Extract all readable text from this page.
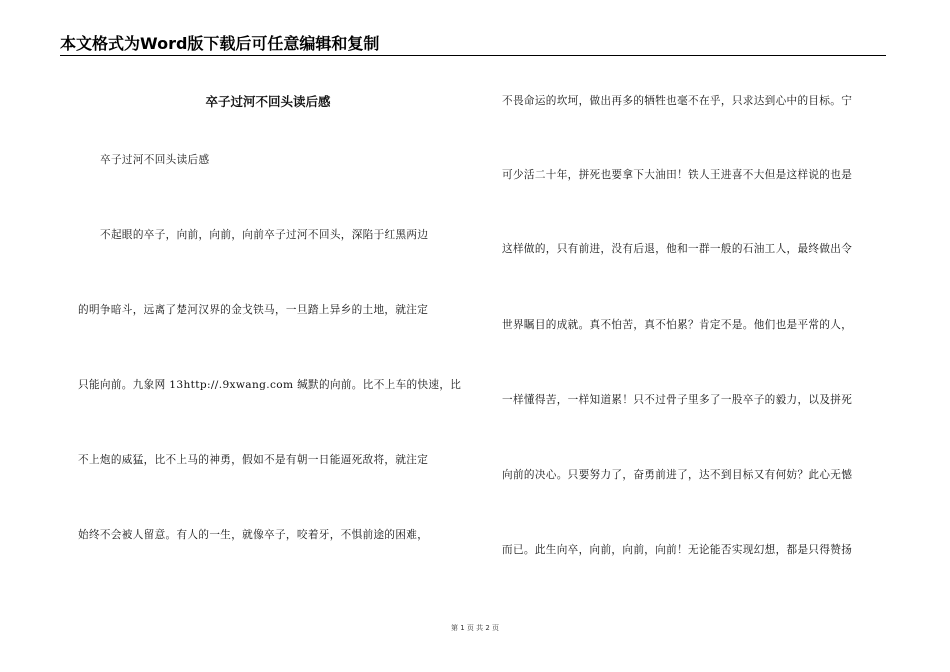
本文格式为Word版下载后可任意编辑和复制
卒子过河不回头读后感
卒子过河不回头读后感
不起眼的卒子，向前，向前，向前卒子过河不回头，深陷于红黑两边
的明争暗斗，远离了楚河汉界的金戈铁马，一旦踏上异乡的土地，就注定
只能向前。九象网 13http://.9xwang.com 缄默的向前。比不上车的快速，比
不上炮的威猛，比不上马的神勇，假如不是有朝一日能逼死敌将，就注定
始终不会被人留意。有人的一生，就像卒子，咬着牙，不惧前途的困难，
不畏命运的坎坷，做出再多的牺牲也毫不在乎，只求达到心中的目标。宁
可少活二十年，拼死也要拿下大油田！铁人王进喜不大但是这样说的也是
这样做的，只有前进，没有后退，他和一群一般的石油工人，最终做出令
世界瞩目的成就。真不怕苦，真不怕累？肯定不是。他们也是平常的人，
一样懂得苦，一样知道累！只不过骨子里多了一股卒子的毅力，以及拼死
向前的决心。只要努力了，奋勇前进了，达不到目标又有何妨？此心无憾
而已。此生向卒，向前，向前，向前！无论能否实现幻想，都是只得赞扬
第 1 页 共 2 页
